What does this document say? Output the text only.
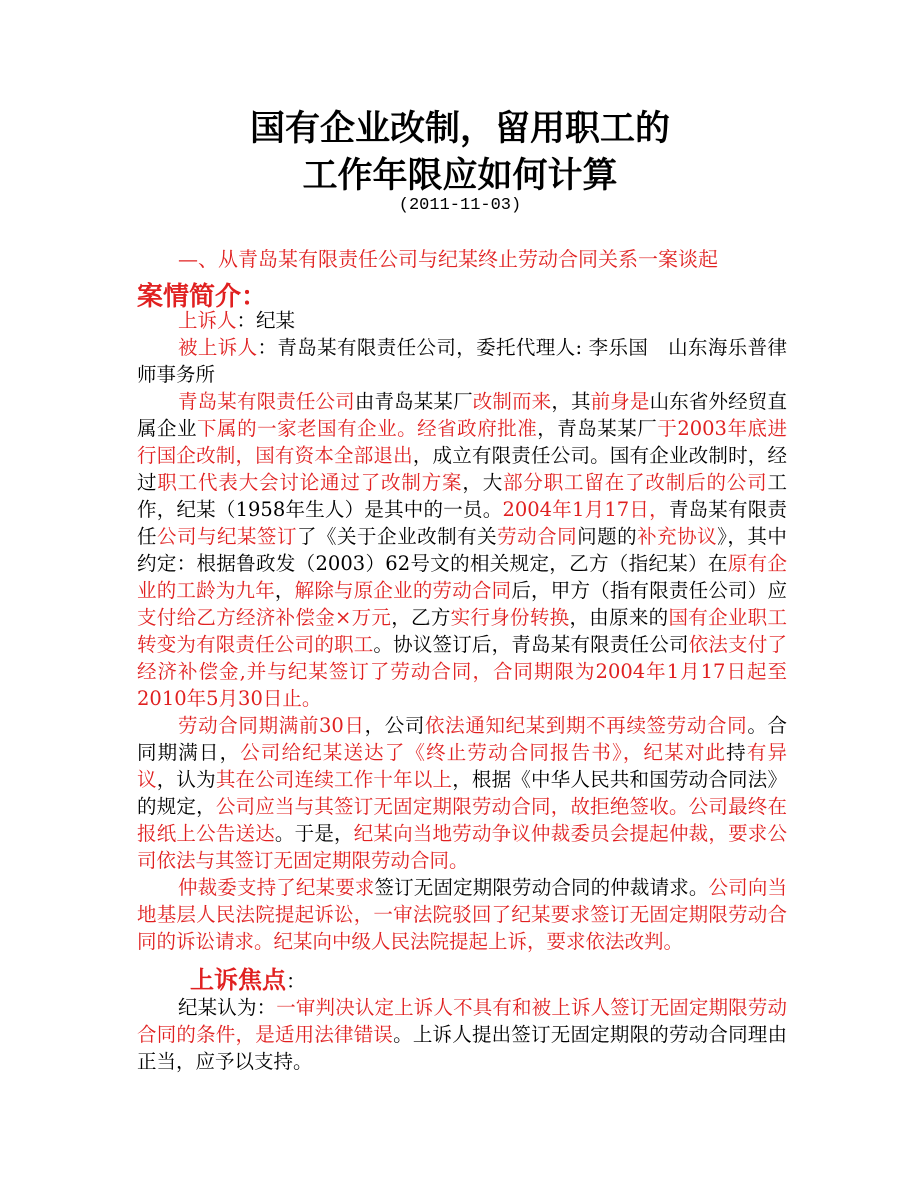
国有企业改制，留用职工的
工作年限应如何计算
(2011-11-03)
—、从青岛某有限责任公司与纪某终止劳动合同关系一案谈起
案情简介：

上诉人：纪某

被上诉人：青岛某有限责任公司，委托代理人: 李乐国　山东海乐普律师事务所

青岛某有限责任公司由青岛某某厂改制而来，其前身是山东省外经贸直属企业下属的一家老国有企业。经省政府批准，青岛某某厂于2003年底进行国企改制，国有资本全部退出，成立有限责任公司。国有企业改制时，经过职工代表大会讨论通过了改制方案，大部分职工留在了改制后的公司工作，纪某（1958年生人）是其中的一员。2004年1月17日，青岛某有限责任公司与纪某签订了《关于企业改制有关劳动合同问题的补充协议》，其中约定：根据鲁政发（2003）62号文的相关规定，乙方（指纪某）在原有企业的工龄为九年，解除与原企业的劳动合同后，甲方（指有限责任公司）应支付给乙方经济补偿金×万元，乙方实行身份转换，由原来的国有企业职工转变为有限责任公司的职工。协议签订后，青岛某有限责任公司依法支付了经济补偿金,并与纪某签订了劳动合同，合同期限为2004年1月17日起至2010年5月30日止。

劳动合同期满前30日，公司依法通知纪某到期不再续签劳动合同。合同期满日，公司给纪某送达了《终止劳动合同报告书》，纪某对此持有异议，认为其在公司连续工作十年以上，根据《中华人民共和国劳动合同法》的规定，公司应当与其签订无固定期限劳动合同，故拒绝签收。公司最终在报纸上公告送达。于是，纪某向当地劳动争议仲裁委员会提起仲裁，要求公司依法与其签订无固定期限劳动合同。

仲裁委支持了纪某要求签订无固定期限劳动合同的仲裁请求。公司向当地基层人民法院提起诉讼，一审法院驳回了纪某要求签订无固定期限劳动合同的诉讼请求。纪某向中级人民法院提起上诉，要求依法改判。

上诉焦点：

纪某认为：一审判决认定上诉人不具有和被上诉人签订无固定期限劳动合同的条件，是适用法律错误。上诉人提出签订无固定期限的劳动合同理由正当，应予以支持。
